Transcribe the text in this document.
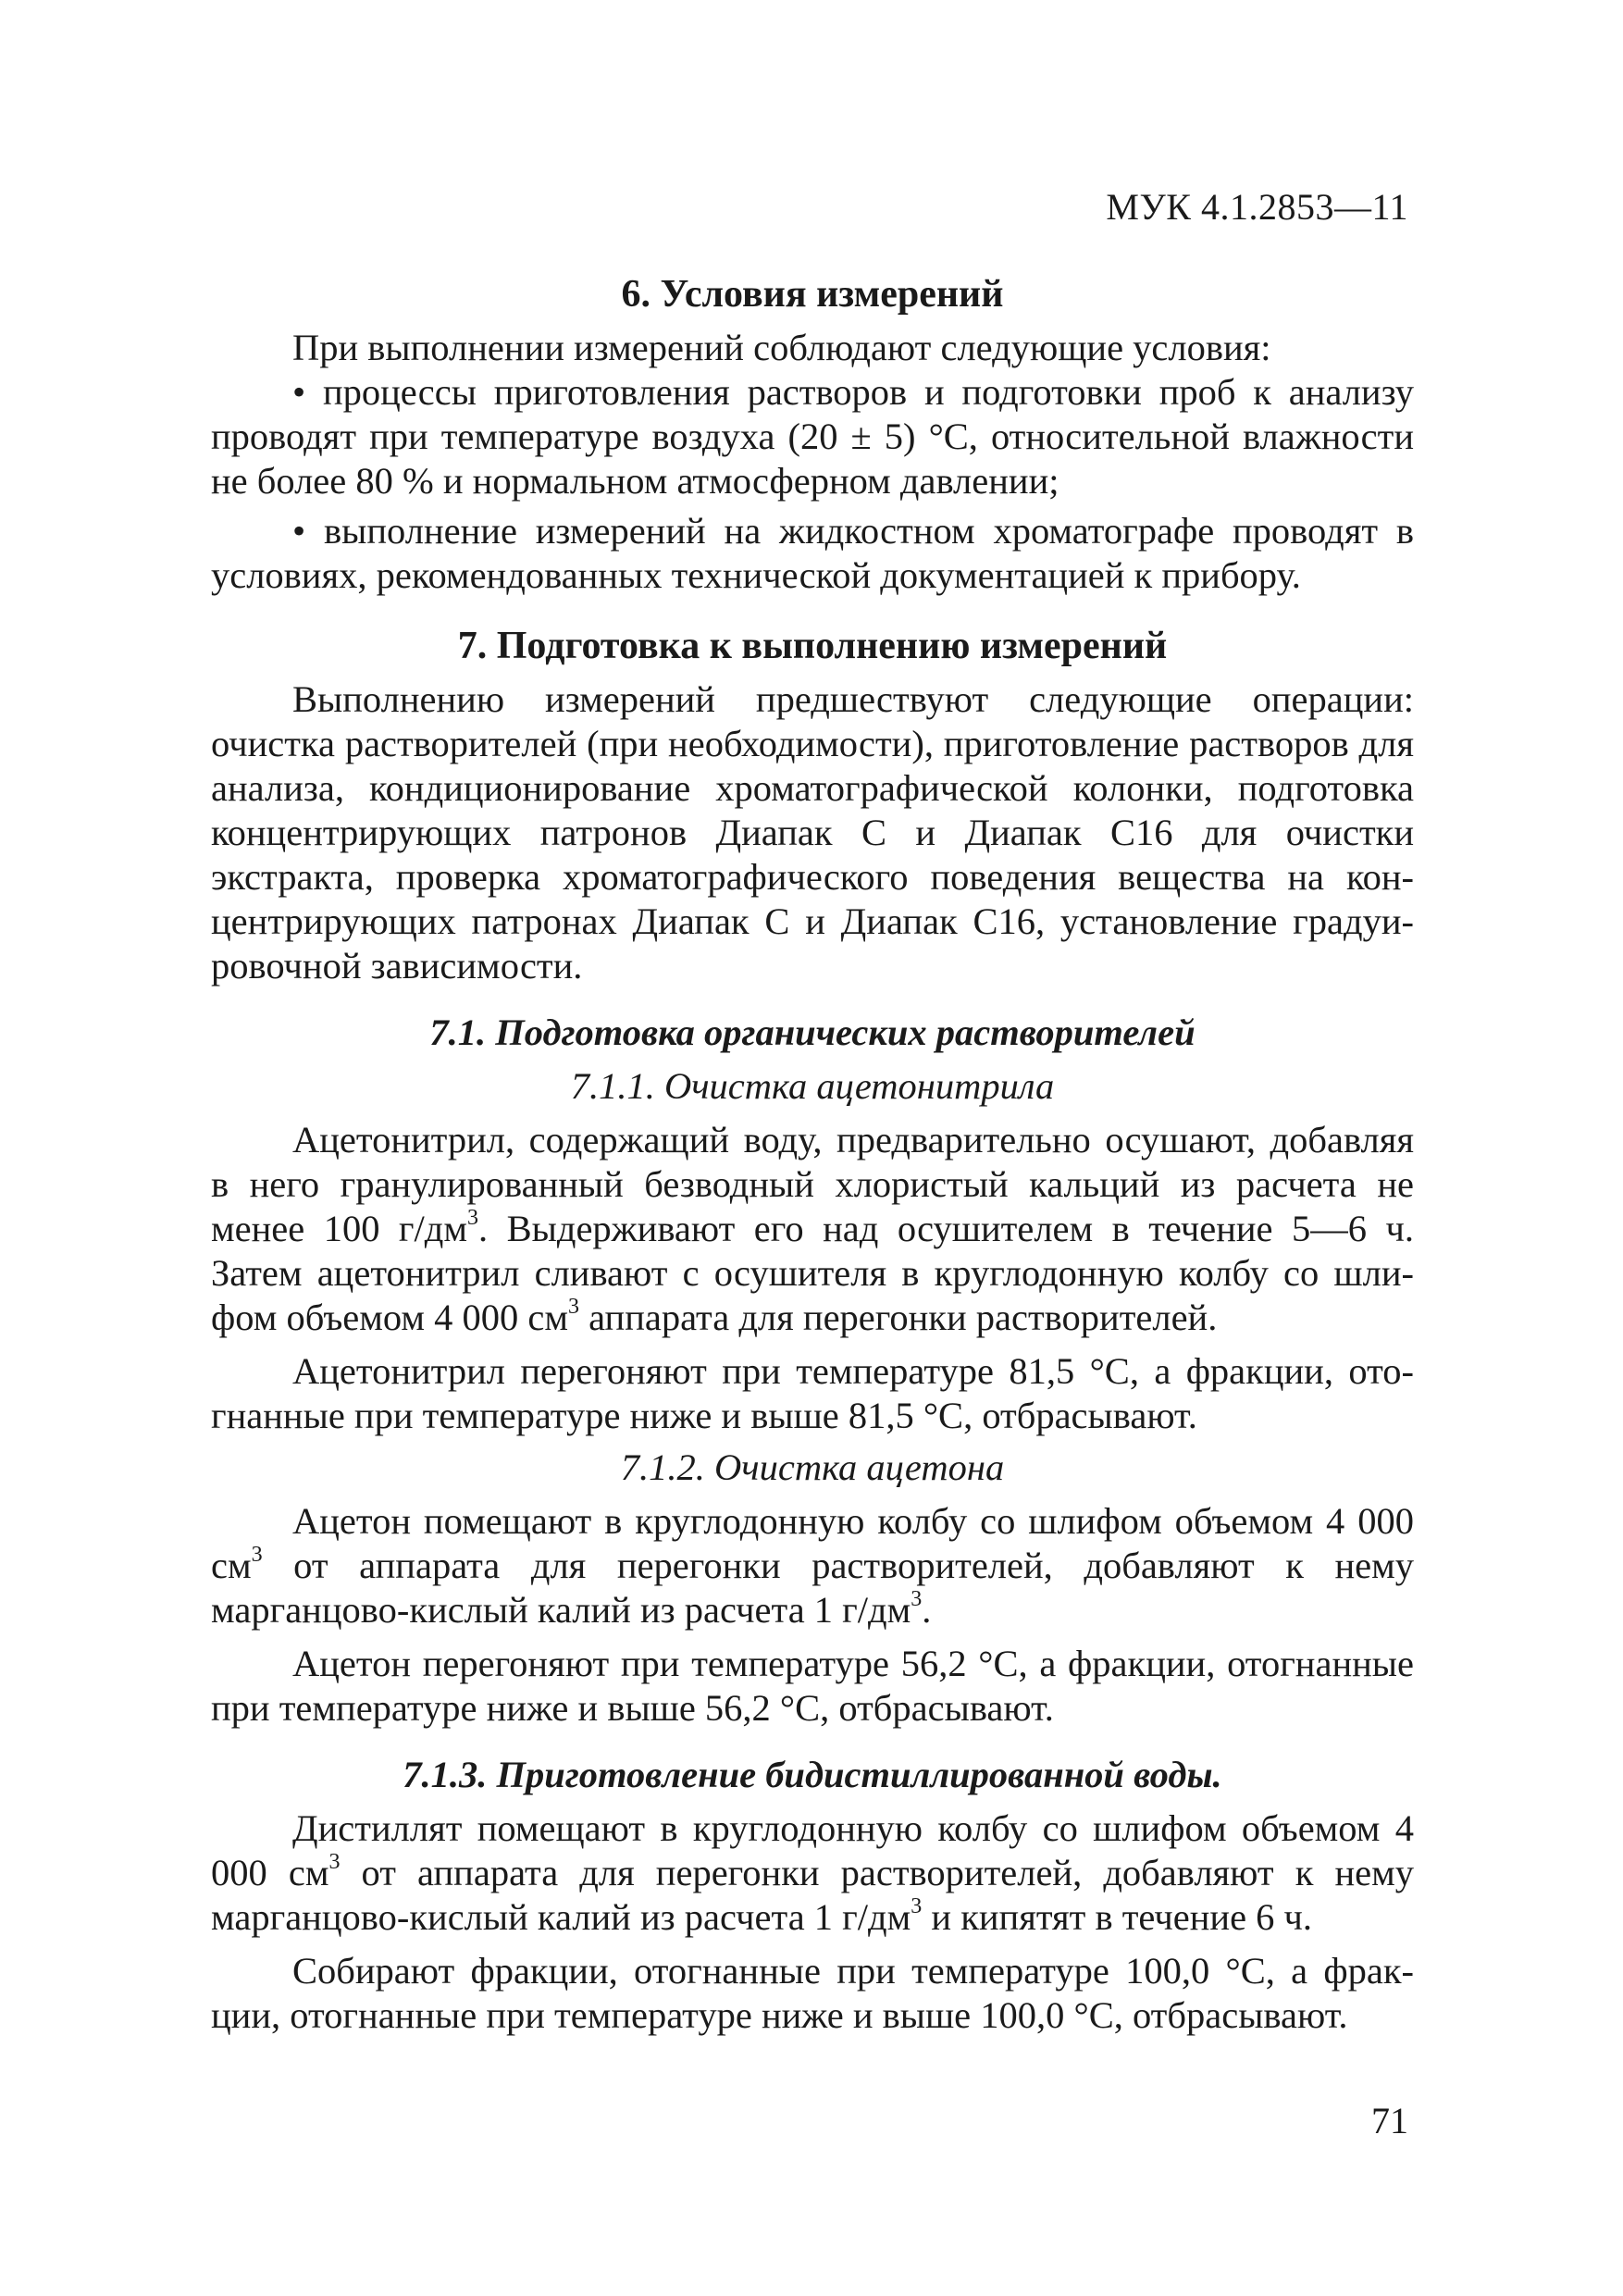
МУК 4.1.2853—11
6. Условия измерений

При выполнении измерений соблюдают следующие условия:

• процессы приготовления растворов и подготовки проб к анализу проводят при температуре воздуха (20 ± 5) °С, относительной влажности не более 80 % и нормальном атмосферном давлении;

• выполнение измерений на жидкостном хроматографе проводят в условиях, рекомендованных технической документацией к прибору.

7. Подготовка к выполнению измерений

Выполнению измерений предшествуют следующие операции: очистка растворителей (при необходимости), приготовление растворов для анализа, кондиционирование хроматографической колонки, подготовка концентрирующих патронов Диапак С и Диапак С16 для очистки экстракта, проверка хроматографического поведения вещества на концентрирующих патронах Диапак С и Диапак С16, установление градуировочной зависимости.

7.1. Подготовка органических растворителей
7.1.1. Очистка ацетонитрила

Ацетонитрил, содержащий воду, предварительно осушают, добавляя в него гранулированный безводный хлористый кальций из расчета не менее 100 $г/дм^3$. Выдерживают его над осушителем в течение 5—6 ч. Затем ацетонитрил сливают с осушителя в круглодонную колбу со шлифом объемом 4 000 $см^3$ аппарата для перегонки растворителей.

Ацетонитрил перегоняют при температуре 81,5 °С, а фракции, отогнанные при температуре ниже и выше 81,5 °С, отбрасывают.

7.1.2. Очистка ацетона

Ацетон помещают в круглодонную колбу со шлифом объемом 4 000 $см^3$ от аппарата для перегонки растворителей, добавляют к нему марганцово-кислый калий из расчета 1 $г/дм^3$.

Ацетон перегоняют при температуре 56,2 °С, а фракции, отогнанные при температуре ниже и выше 56,2 °С, отбрасывают.

7.1.3. Приготовление бидистиллированной воды.

Дистиллят помещают в круглодонную колбу со шлифом объемом 4 000 $см^3$ от аппарата для перегонки растворителей, добавляют к нему марганцово-кислый калий из расчета 1 $г/дм^3$ и кипятят в течение 6 ч.

Собирают фракции, отогнанные при температуре 100,0 °С, а фракции, отогнанные при температуре ниже и выше 100,0 °С, отбрасывают.

71
